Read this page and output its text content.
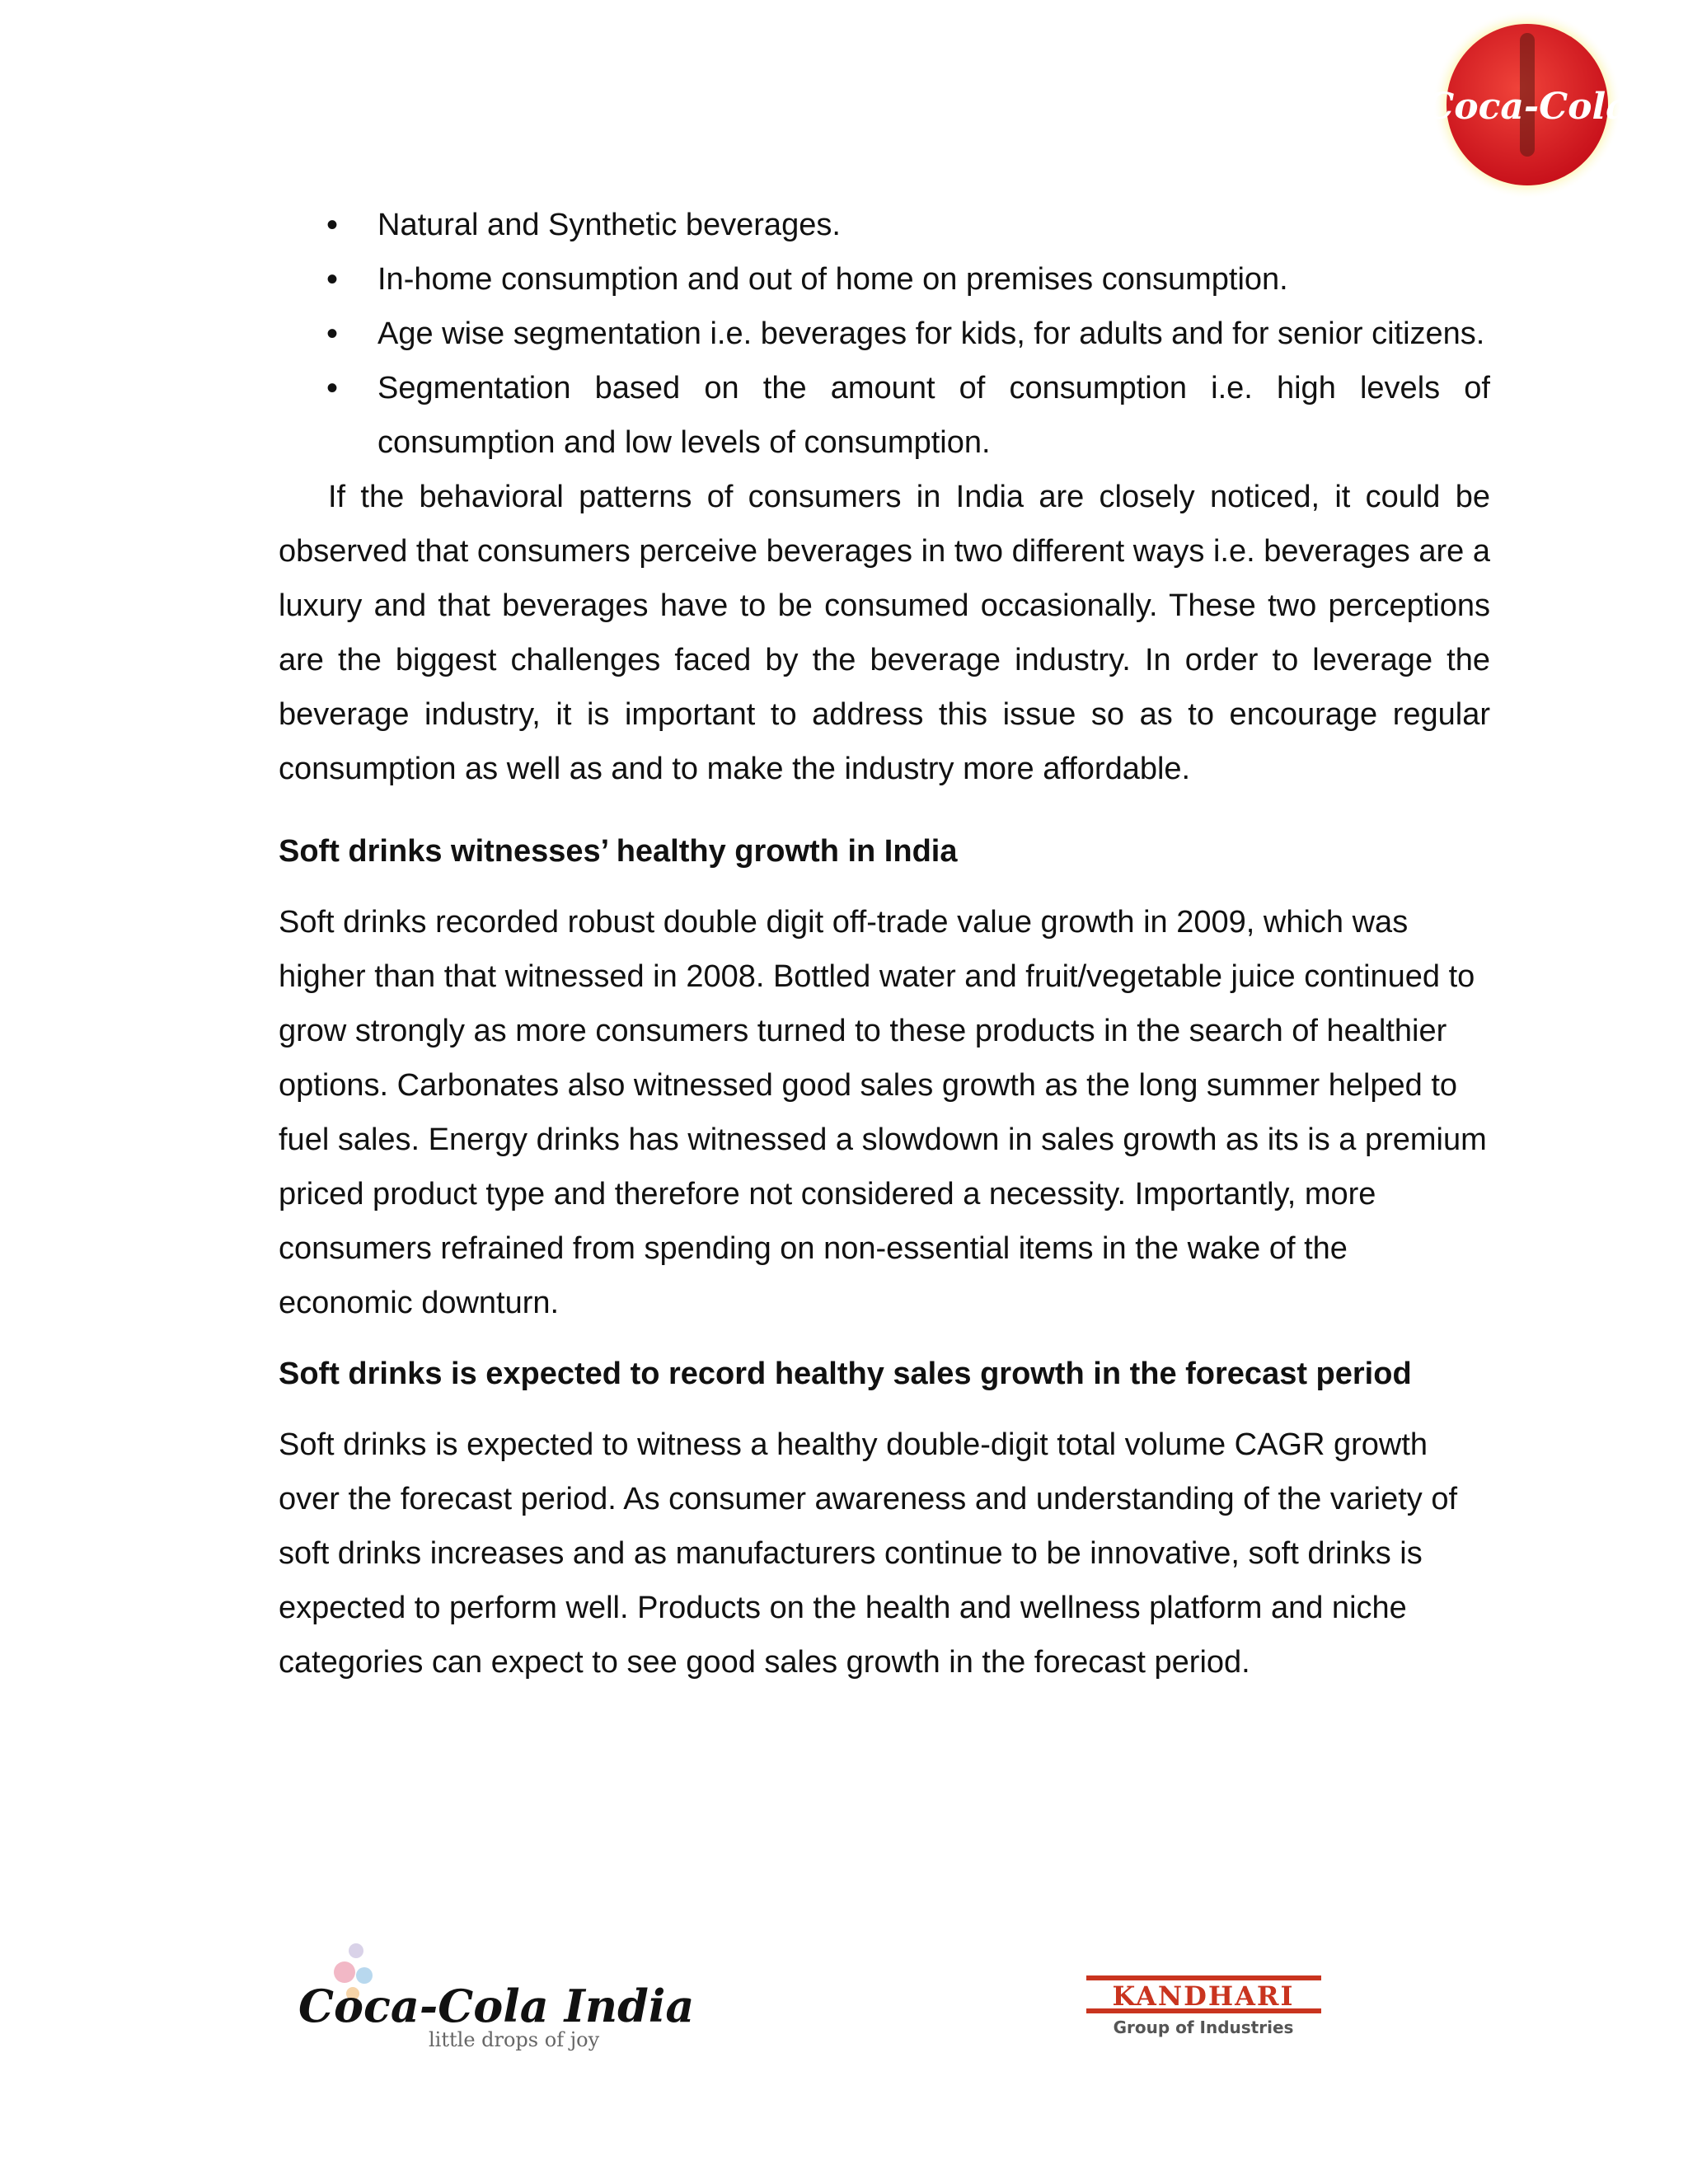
Coca-Cola
• Natural and Synthetic beverages.
• In-home consumption and out of home on premises consumption.
• Age wise segmentation i.e. beverages for kids, for adults and for senior citizens.
• Segmentation based on the amount of consumption i.e. high levels of consumption and low levels of consumption.

If the behavioral patterns of consumers in India are closely noticed, it could be observed that consumers perceive beverages in two different ways i.e. beverages are a luxury and that beverages have to be consumed occasionally. These two perceptions are the biggest challenges faced by the beverage industry. In order to leverage the beverage industry, it is important to address this issue so as to encourage regular consumption as well as and to make the industry more affordable.

Soft drinks witnesses’ healthy growth in India

Soft drinks recorded robust double digit off-trade value growth in 2009, which was higher than that witnessed in 2008. Bottled water and fruit/vegetable juice continued to grow strongly as more consumers turned to these products in the search of healthier options. Carbonates also witnessed good sales growth as the long summer helped to fuel sales. Energy drinks has witnessed a slowdown in sales growth as its is a premium priced product type and therefore not considered a necessity. Importantly, more consumers refrained from spending on non-essential items in the wake of the economic downturn.

Soft drinks is expected to record healthy sales growth in the forecast period

Soft drinks is expected to witness a healthy double-digit total volume CAGR growth over the forecast period. As consumer awareness and understanding of the variety of soft drinks increases and as manufacturers continue to be innovative, soft drinks is expected to perform well. Products on the health and wellness platform and niche categories can expect to see good sales growth in the forecast period.

Coca-Cola India
little drops of joy
KANDHARI
Group of Industries
